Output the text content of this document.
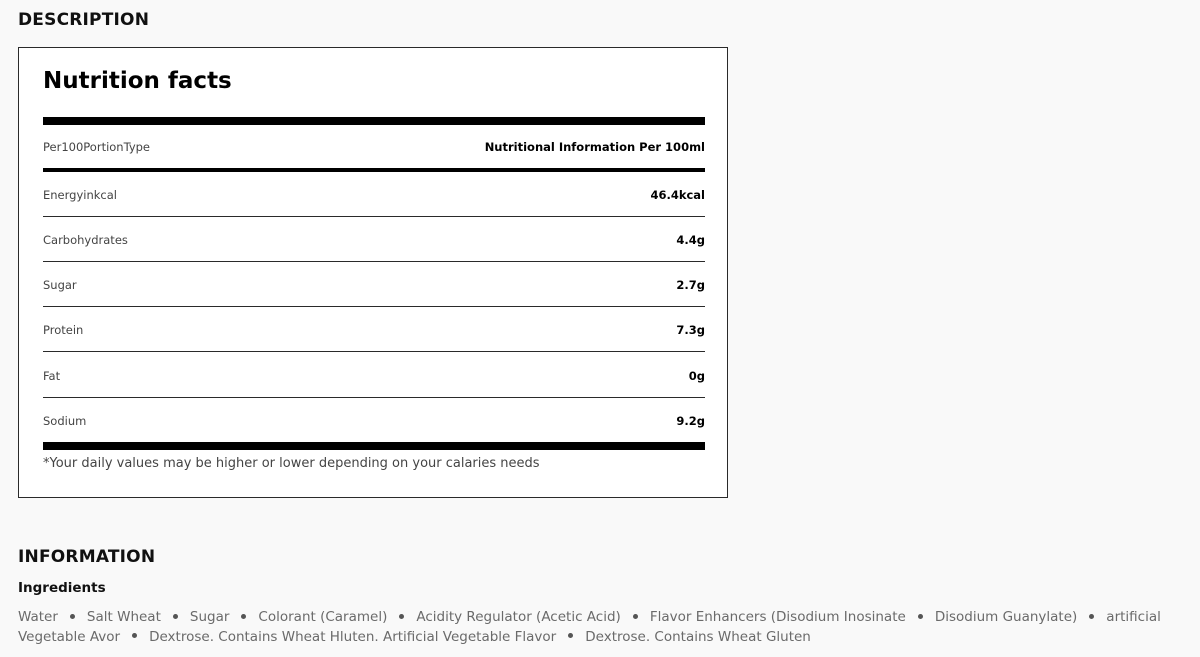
DESCRIPTION
Nutrition facts
Per100PortionType	Nutritional Information Per 100ml
Energyinkcal	46.4kcal
Carbohydrates	4.4g
Sugar	2.7g
Protein	7.3g
Fat	0g
Sodium	9.2g
*Your daily values may be higher or lower depending on your calaries needs
INFORMATION
Ingredients
Water Salt Wheat Sugar Colorant (Caramel) Acidity Regulator (Acetic Acid) Flavor Enhancers (Disodium Inosinate Disodium Guanylate) artificial
Vegetable Avor Dextrose. Contains Wheat Hluten. Artificial Vegetable Flavor Dextrose. Contains Wheat Gluten
